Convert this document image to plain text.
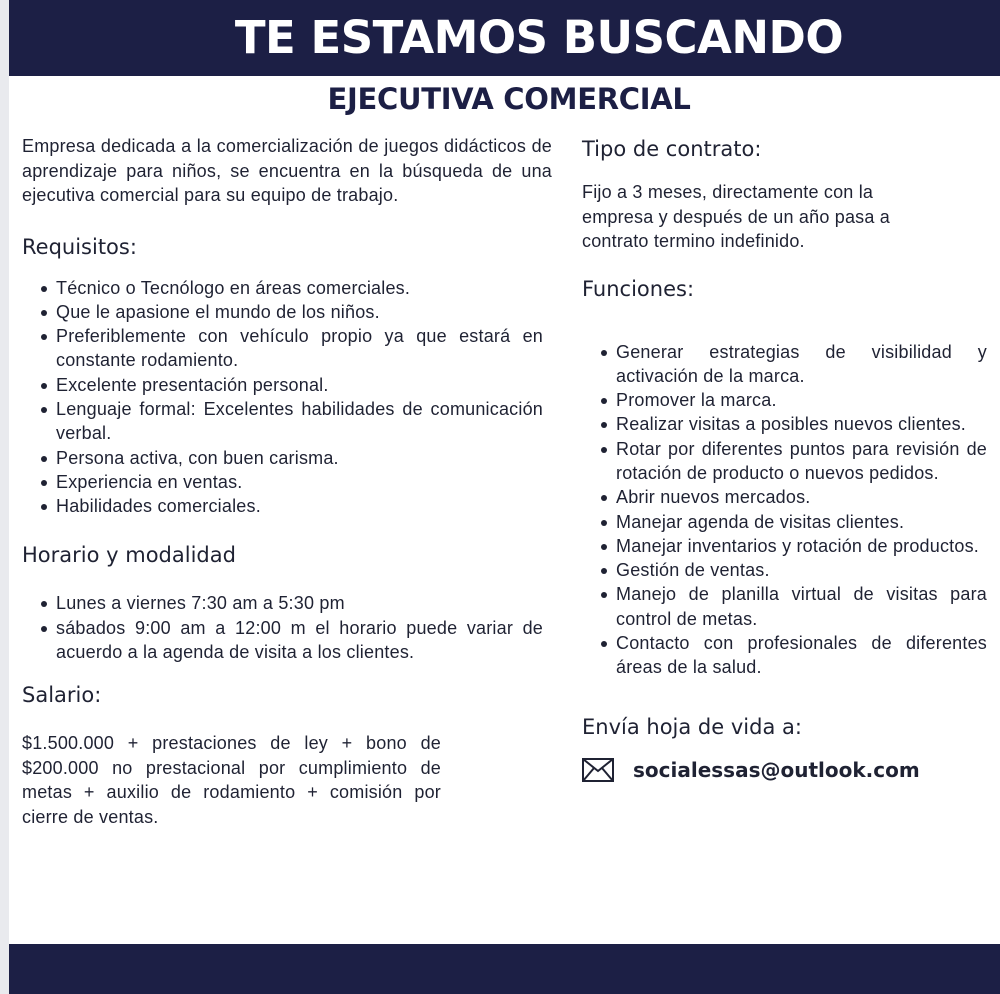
TE ESTAMOS BUSCANDO
EJECUTIVA COMERCIAL

Empresa dedicada a la comercialización de juegos didácticos de aprendizaje para niños, se encuentra en la búsqueda de una ejecutiva comercial para su equipo de trabajo.

Requisitos:
Técnico o Tecnólogo en áreas comerciales.
Que le apasione el mundo de los niños.
Preferiblemente con vehículo propio ya que estará en constante rodamiento.
Excelente presentación personal.
Lenguaje formal: Excelentes habilidades de comunicación verbal.
Persona activa, con buen carisma.
Experiencia en ventas.
Habilidades comerciales.
Horario y modalidad
Lunes a viernes 7:30 am a 5:30 pm
sábados 9:00 am a 12:00 m el horario puede variar de acuerdo a la agenda de visita a los clientes.
Salario:

$1.500.000 + prestaciones de ley + bono de $200.000 no prestacional por cumplimiento de metas + auxilio de rodamiento + comisión por cierre de ventas.

Tipo de contrato:

Fijo a 3 meses, directamente con la empresa y después de un año pasa a contrato termino indefinido.

Funciones:
Generar estrategias de visibilidad y activación de la marca.
Promover la marca.
Realizar visitas a posibles nuevos clientes.
Rotar por diferentes puntos para revisión de rotación de producto o nuevos pedidos.
Abrir nuevos mercados.
Manejar agenda de visitas clientes.
Manejar inventarios y rotación de productos.
Gestión de ventas.
Manejo de planilla virtual de visitas para control de metas.
Contacto con profesionales de diferentes áreas de la salud.
Envía hoja de vida a:
socialessas@outlook.com
